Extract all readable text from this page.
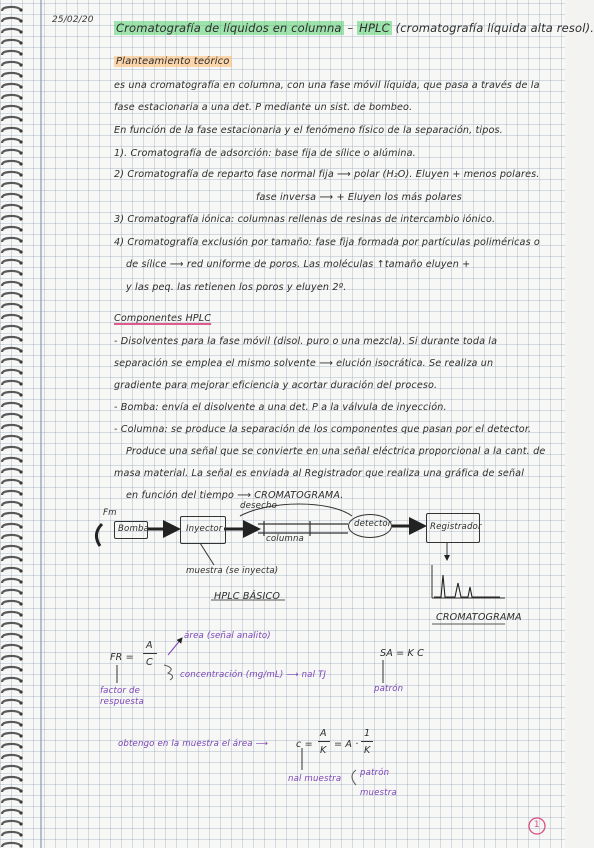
25/02/20
Cromatografía de líquidos en columna – HPLC (cromatografía líquida alta resol).
Planteamiento teórico
es una cromatografía en columna, con una fase móvil líquida, que pasa a través de la
fase estacionaria a una det. P mediante un sist. de bombeo.
En función de la fase estacionaria y el fenómeno físico de la separación, tipos.
1). Cromatografía de adsorción: base fija de sílice o alúmina.
2) Cromatografía de reparto fase normal fija ⟶ polar (H₂O). Eluyen + menos polares.
fase inversa ⟶ + Eluyen los más polares
3) Cromatografía iónica: columnas rellenas de resinas de intercambio iónico.
4) Cromatografía exclusión por tamaño: fase fija formada por partículas poliméricas o
de sílice ⟶ red uniforme de poros. Las moléculas ↑tamaño eluyen +
y las peq. las retienen los poros y eluyen 2º.
Componentes HPLC
- Disolventes para la fase móvil (disol. puro o una mezcla). Si durante toda la
separación se emplea el mismo solvente ⟶ elución isocrática. Se realiza un
gradiente para mejorar eficiencia y acortar duración del proceso.
- Bomba: envía el disolvente a una det. P a la válvula de inyección.
- Columna: se produce la separación de los componentes que pasan por el detector.
Produce una señal que se convierte en una señal eléctrica proporcional a la cant. de
masa material. La señal es enviada al Registrador que realiza una gráfica de señal
en función del tiempo ⟶ CROMATOGRAMA.
Fm
Bomba	Inyector
desecho
columna
detector	Registrador
muestra (se inyecta)
HPLC BÁSICO
CROMATOGRAMA
FR =
A
C
área (señal analito)
concentración (mg/mL) ⟶ nal TJ
factor de respuesta
SA = K C
patrón
obtengo en la muestra el área ⟶	c =
A
K
= A ·
1
K
nal muestra
patrón
muestra
1
